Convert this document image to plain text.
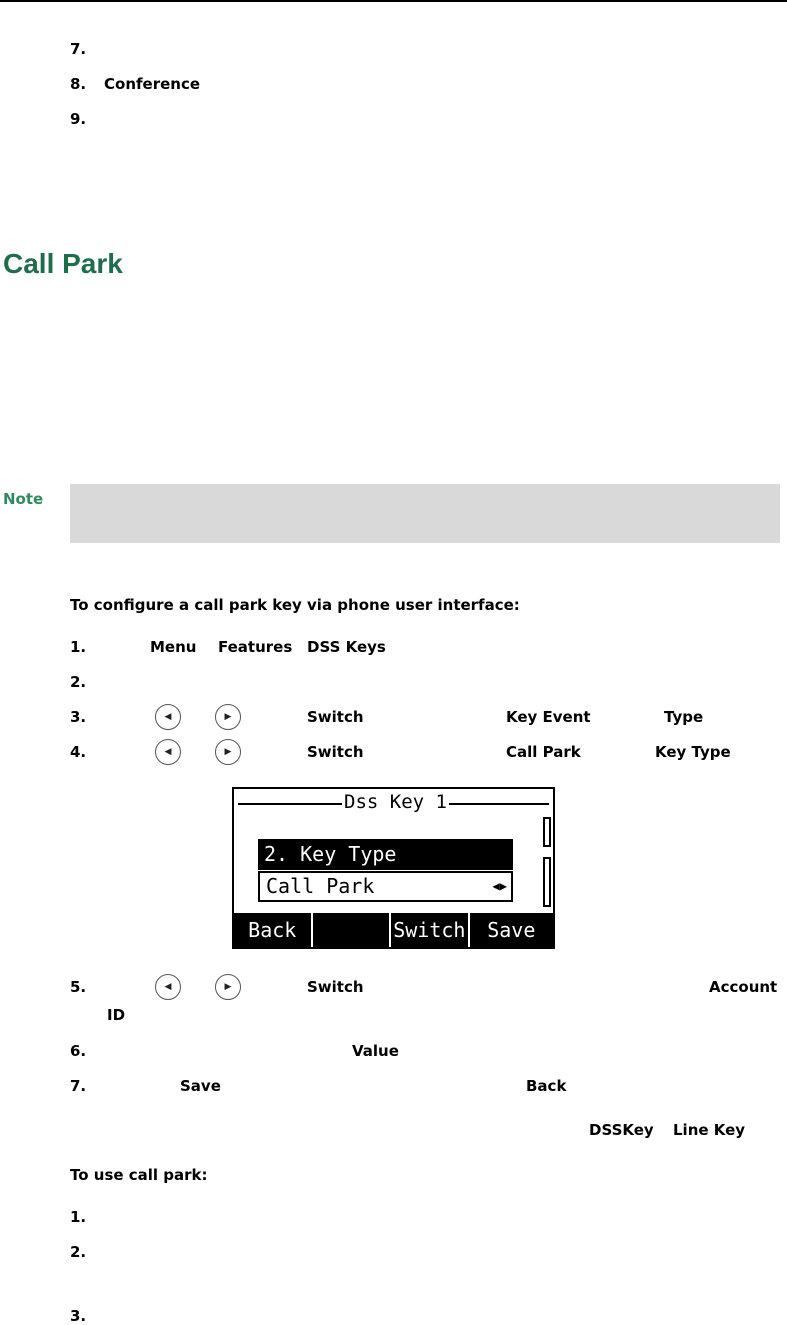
7.
8. Conference
9.
Call Park
Note
To configure a call park key via phone user interface:
1.	Menu Features DSS Keys
2.
3.	◀	▶	Switch	Key Event	Type
4.	◀	▶	Switch	Call Park	Key Type
Dss Key 1
2. Key Type
Call Park	◀▶
Back	Switch	Save
5.	◀	▶	Switch	Account
ID
6.	Value
7.	Save	Back
DSSKey Line Key
To use call park:
1.
2.
3.
